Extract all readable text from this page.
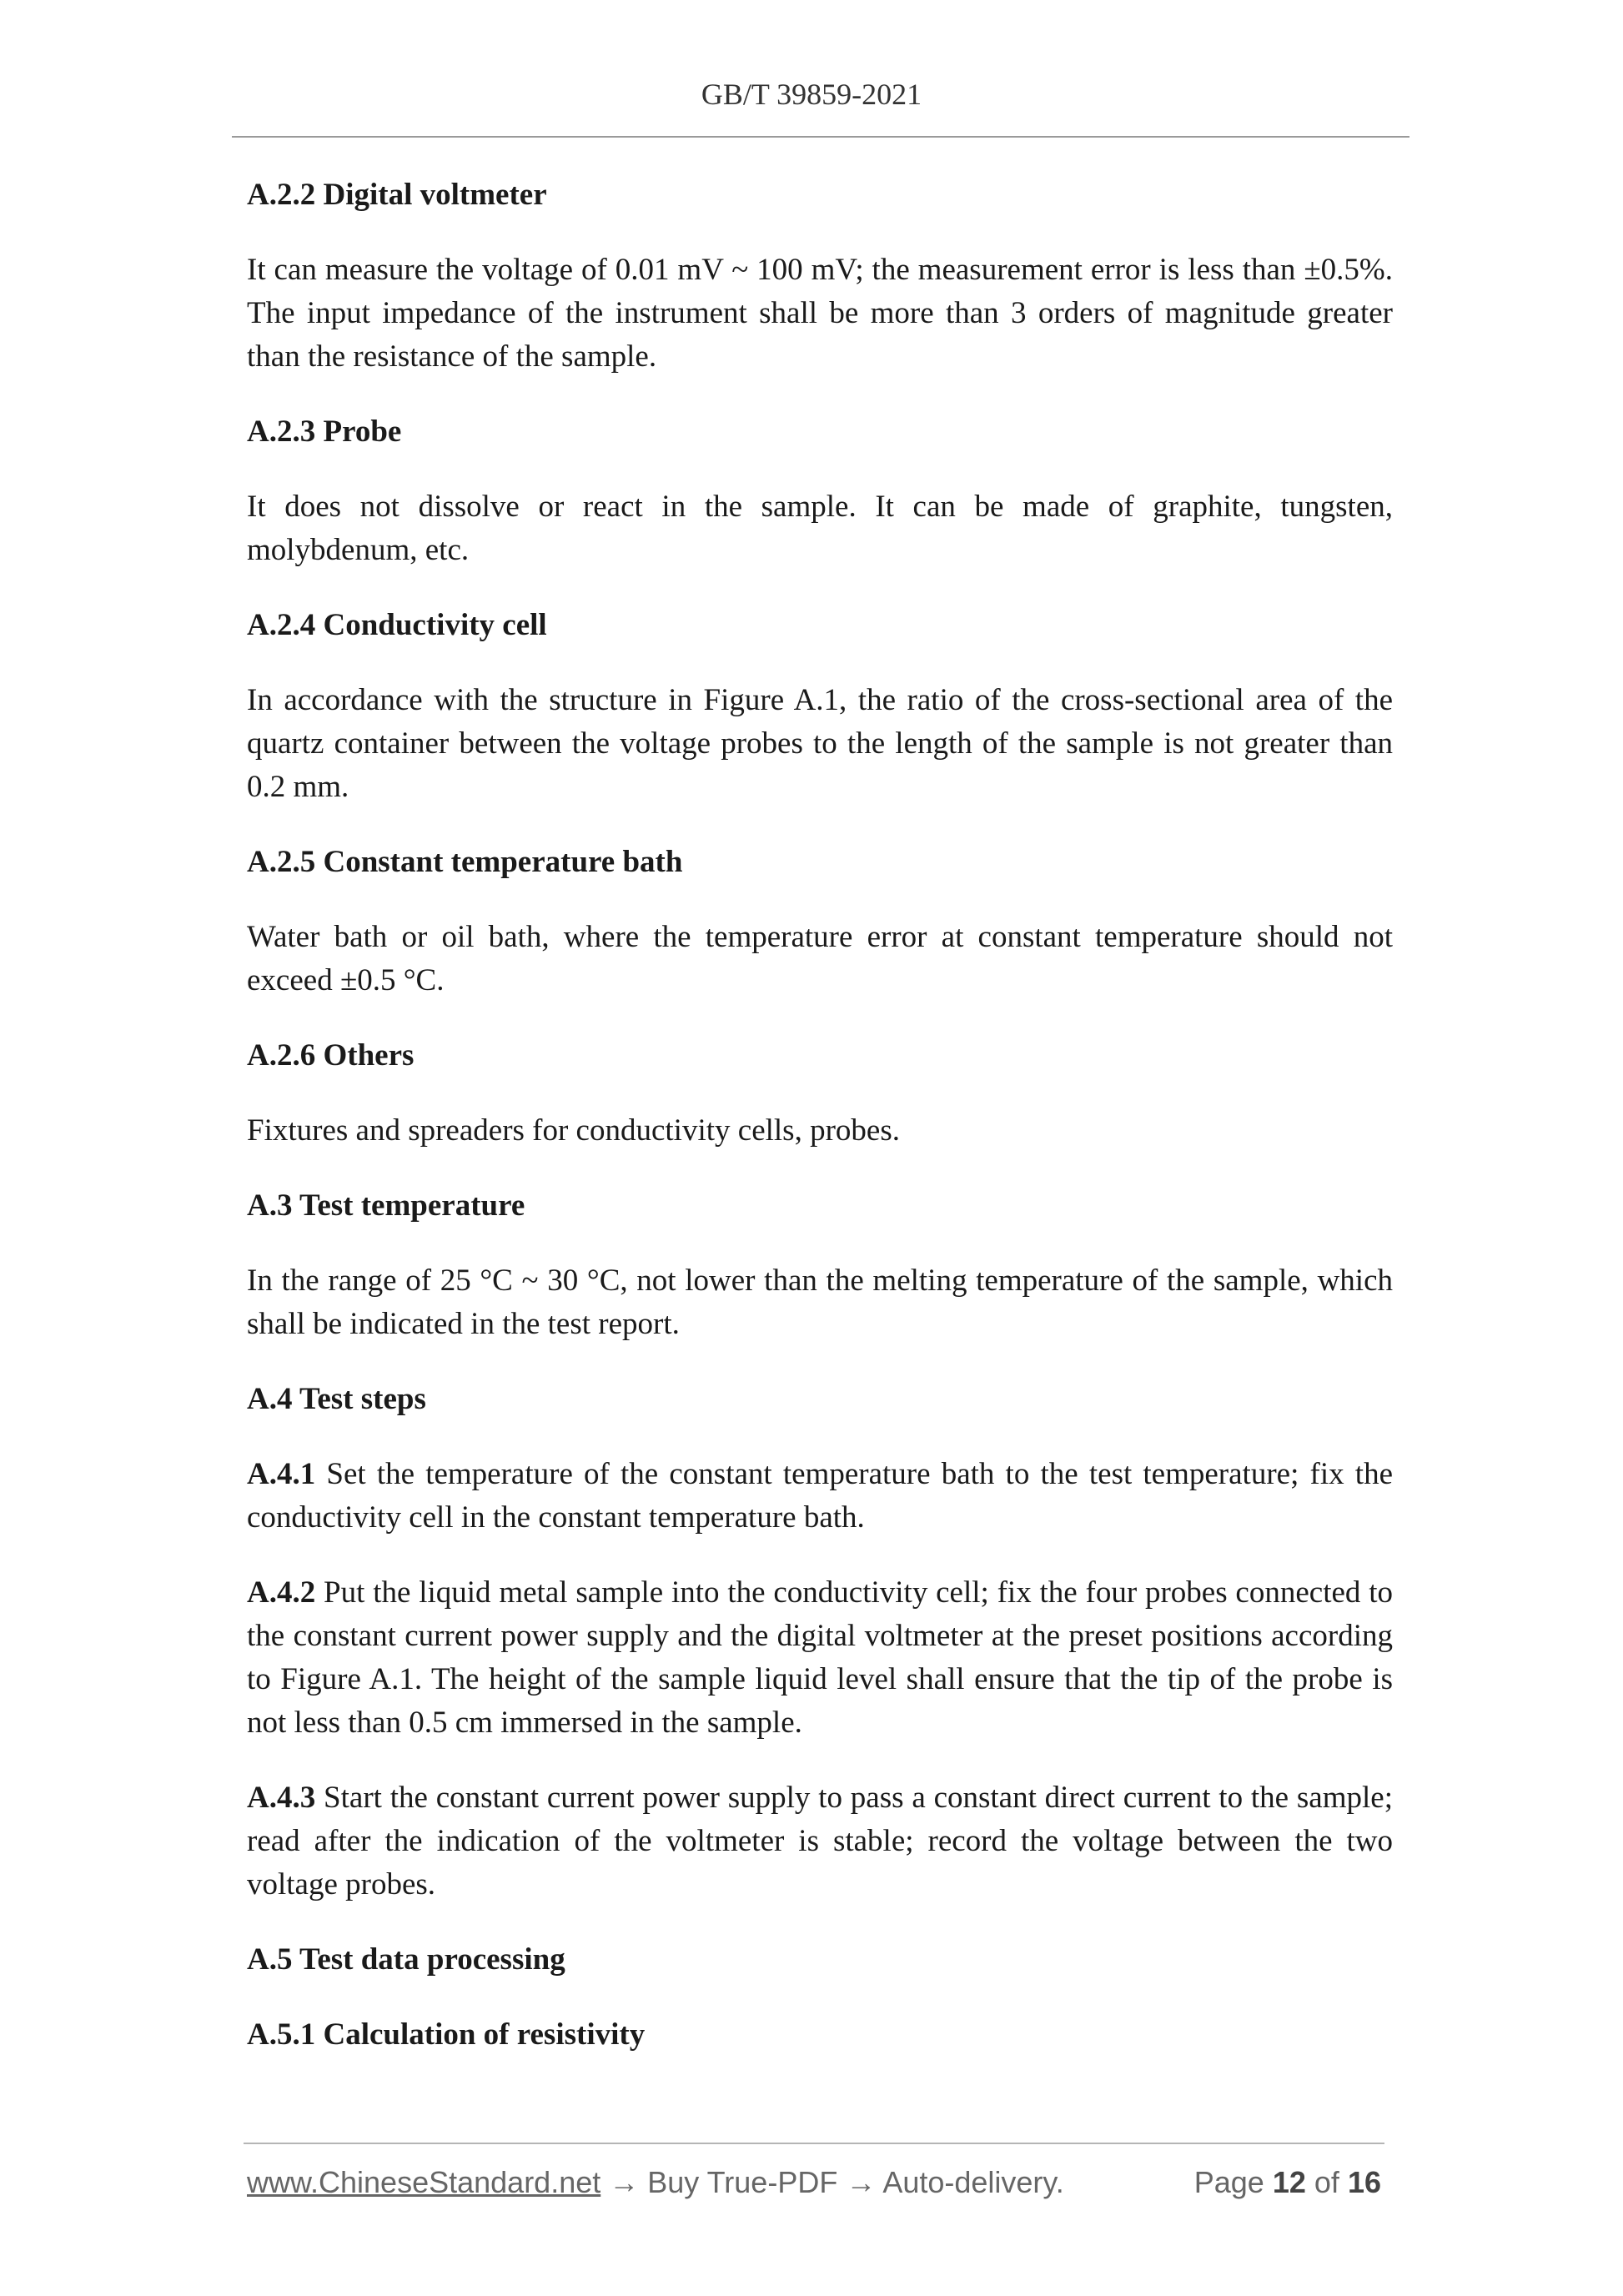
GB/T 39859-2021
A.2.2 Digital voltmeter
It can measure the voltage of 0.01 mV ~ 100 mV; the measurement error is less than ±0.5%. The input impedance of the instrument shall be more than 3 orders of magnitude greater than the resistance of the sample.
A.2.3 Probe
It does not dissolve or react in the sample. It can be made of graphite, tungsten, molybdenum, etc.
A.2.4 Conductivity cell
In accordance with the structure in Figure A.1, the ratio of the cross-sectional area of the quartz container between the voltage probes to the length of the sample is not greater than 0.2 mm.
A.2.5 Constant temperature bath
Water bath or oil bath, where the temperature error at constant temperature should not exceed ±0.5 °C.
A.2.6 Others
Fixtures and spreaders for conductivity cells, probes.
A.3 Test temperature
In the range of 25 °C ~ 30 °C, not lower than the melting temperature of the sample, which shall be indicated in the test report.
A.4 Test steps
A.4.1 Set the temperature of the constant temperature bath to the test temperature; fix the conductivity cell in the constant temperature bath.
A.4.2 Put the liquid metal sample into the conductivity cell; fix the four probes connected to the constant current power supply and the digital voltmeter at the preset positions according to Figure A.1. The height of the sample liquid level shall ensure that the tip of the probe is not less than 0.5 cm immersed in the sample.
A.4.3 Start the constant current power supply to pass a constant direct current to the sample; read after the indication of the voltmeter is stable; record the voltage between the two voltage probes.
A.5 Test data processing
A.5.1 Calculation of resistivity
www.ChineseStandard.net → Buy True-PDF → Auto-delivery.	Page 12 of 16
